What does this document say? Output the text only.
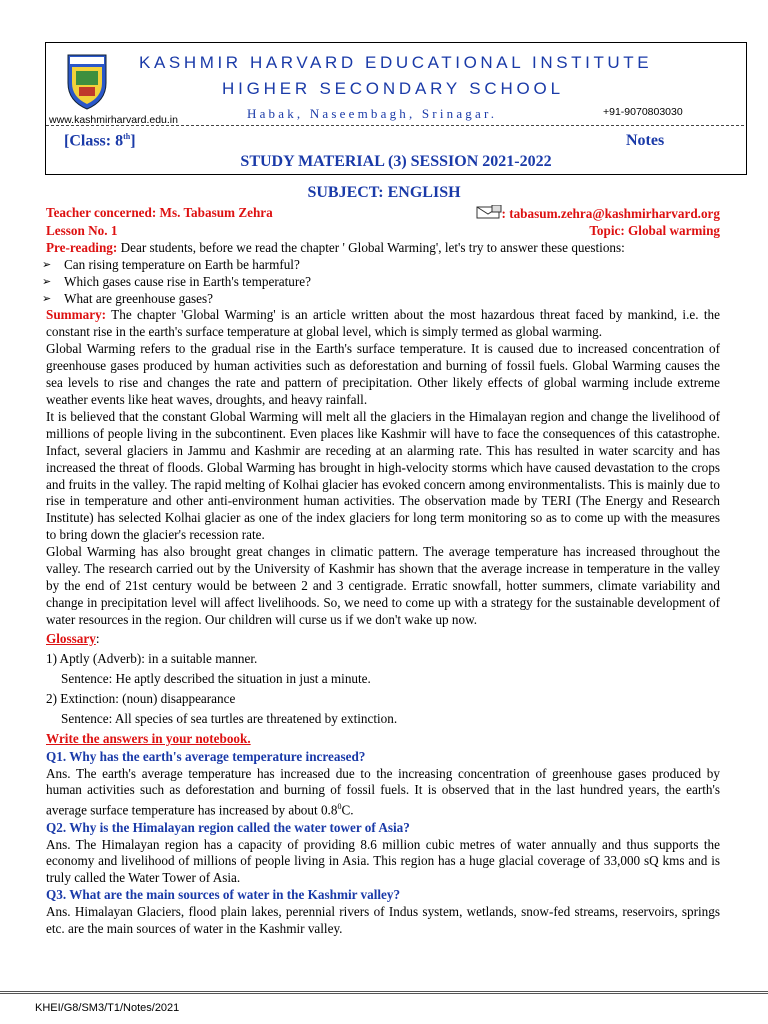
KASHMIR HARVARD EDUCATIONAL INSTITUTE
HIGHER SECONDARY SCHOOL
www.kashmirharvard.edu.in	Habak, Naseembagh, Srinagar.	+91-9070803030
[Class: 8th]	Notes
STUDY MATERIAL (3) SESSION 2021-2022
SUBJECT: ENGLISH
Teacher concerned: Ms. Tabasum Zehra	: tabasum.zehra@kashmirharvard.org
Lesson No. 1	Topic: Global warming

Pre-reading: Dear students, before we read the chapter ' Global Warming', let's try to answer these questions:

➢ Can rising temperature on Earth be harmful?
➢ Which gases cause rise in Earth's temperature?
➢ What are greenhouse gases?

Summary: The chapter 'Global Warming' is an article written about the most hazardous threat faced by mankind, i.e. the constant rise in the earth's surface temperature at global level, which is simply termed as global warming.

Global Warming refers to the gradual rise in the Earth's surface temperature. It is caused due to increased concentration of greenhouse gases produced by human activities such as deforestation and burning of fossil fuels. Global Warming causes the sea levels to rise and changes the rate and pattern of precipitation. Other likely effects of global warming include extreme weather events like heat waves, droughts, and heavy rainfall.

It is believed that the constant Global Warming will melt all the glaciers in the Himalayan region and change the livelihood of millions of people living in the subcontinent. Even places like Kashmir will have to face the consequences of this catastrophe. Infact, several glaciers in Jammu and Kashmir are receding at an alarming rate. This has resulted in water scarcity and has increased the threat of floods. Global Warming has brought in high-velocity storms which have caused devastation to the crops and fruits in the valley. The rapid melting of Kolhai glacier has evoked concern among environmentalists. This is mainly due to rise in temperature and other anti-environment human activities. The observation made by TERI (The Energy and Research Institute) has selected Kolhai glacier as one of the index glaciers for long term monitoring so as to come up with the measures to bring down the glacier's recession rate.

Global Warming has also brought great changes in climatic pattern. The average temperature has increased throughout the valley. The research carried out by the University of Kashmir has shown that the average increase in temperature in the valley by the end of 21st century would be between 2 and 3 centigrade. Erratic snowfall, hotter summers, climate variability and change in precipitation level will affect livelihoods. So, we need to come up with a strategy for the sustainable development of water resources in the region. Our children will curse us if we don't wake up now.

Glossary:

1) Aptly (Adverb): in a suitable manner.

Sentence: He aptly described the situation in just a minute.

2) Extinction: (noun) disappearance

Sentence: All species of sea turtles are threatened by extinction.

Write the answers in your notebook.

Q1. Why has the earth's average temperature increased?

Ans. The earth's average temperature has increased due to the increasing concentration of greenhouse gases produced by human activities such as deforestation and burning of fossil fuels. It is observed that in the last hundred years, the earth's average surface temperature has increased by about $0.8^0C$.

Q2. Why is the Himalayan region called the water tower of Asia?

Ans. The Himalayan region has a capacity of providing 8.6 million cubic metres of water annually and thus supports the economy and livelihood of millions of people living in Asia. This region has a huge glacial coverage of 33,000 sQ kms and is truly called the Water Tower of Asia.

Q3. What are the main sources of water in the Kashmir valley?

Ans. Himalayan Glaciers, flood plain lakes, perennial rivers of Indus system, wetlands, snow-fed streams, reservoirs, springs etc. are the main sources of water in the Kashmir valley.

KHEI/G8/SM3/T1/Notes/2021
